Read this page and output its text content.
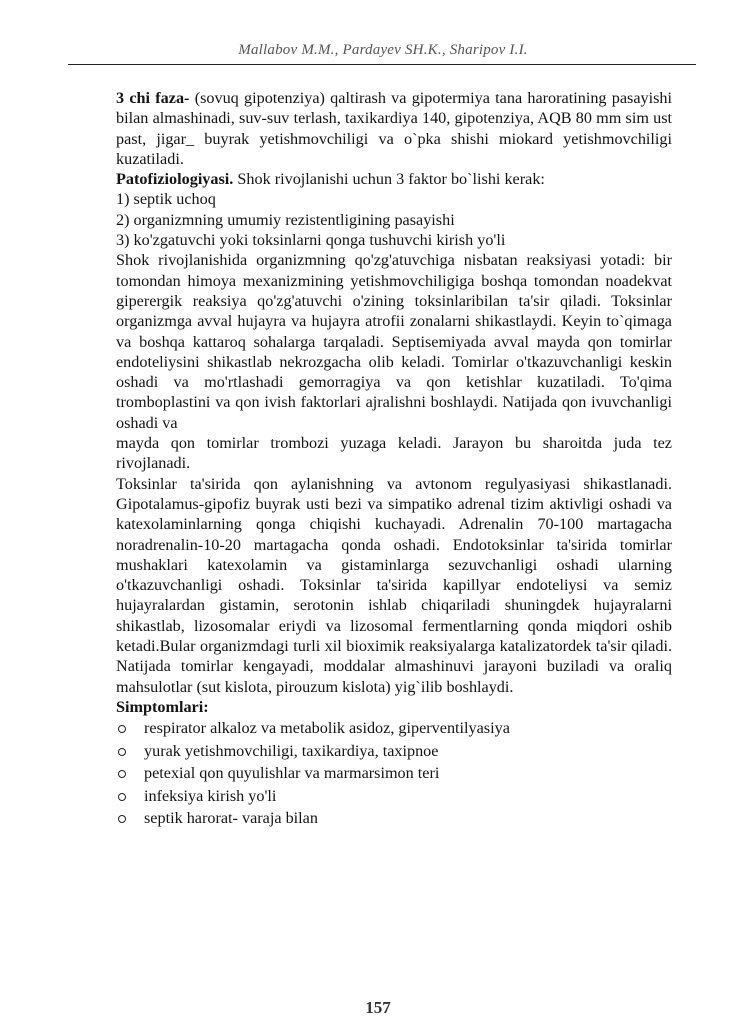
Mallabov M.M., Pardayev SH.K., Sharipov I.I.

3 chi faza- (sovuq gipotenziya) qaltirash va gipotermiya tana haroratining pasayishi bilan almashinadi, suv-suv terlash, taxikardiya 140, gipotenziya, AQB 80 mm sim ust past, jigar_ buyrak yetishmovchiligi va o`pka shishi miokard yetishmovchiligi kuzatiladi.

Patofiziologiyasi. Shok rivojlanishi uchun 3 faktor bo`lishi kerak:

1) septik uchoq

2) organizmning umumiy rezistentligining pasayishi

3) ko'zgatuvchi yoki toksinlarni qonga tushuvchi kirish yo'li

Shok rivojlanishida organizmning qo'zg'atuvchiga nisbatan reaksiyasi yotadi: bir tomondan himoya mexanizmining yetishmovchiligiga boshqa tomondan noadekvat giperergik reaksiya qo'zg'atuvchi o'zining toksinlaribilan ta'sir qiladi. Toksinlar organizmga avval hujayra va hujayra atrofii zonalarni shikastlaydi. Keyin to`qimaga va boshqa kattaroq sohalarga tarqaladi. Septisemiyada avval mayda qon tomirlar endoteliysini shikastlab nekrozgacha olib keladi. Tomirlar o'tkazuvchanligi keskin oshadi va mo'rtlashadi gemorragiya va qon ketishlar kuzatiladi. To'qima tromboplastini va qon ivish faktorlari ajralishni boshlaydi. Natijada qon ivuvchanligi oshadi va

mayda qon tomirlar trombozi yuzaga keladi. Jarayon bu sharoitda juda tez rivojlanadi.

Toksinlar ta'sirida qon aylanishning va avtonom regulyasiyasi shikastlanadi. Gipotalamus-gipofiz buyrak usti bezi va simpatiko adrenal tizim aktivligi oshadi va katexolaminlarning qonga chiqishi kuchayadi. Adrenalin 70-100 martagacha noradrenalin-10-20 martagacha qonda oshadi. Endotoksinlar ta'sirida tomirlar mushaklari katexolamin va gistaminlarga sezuvchanligi oshadi ularning o'tkazuvchanligi oshadi. Toksinlar ta'sirida kapillyar endoteliysi va semiz hujayralardan gistamin, serotonin ishlab chiqariladi shuningdek hujayralarni shikastlab, lizosomalar eriydi va lizosomal fermentlarning qonda miqdori oshib ketadi.Bular organizmdagi turli xil bioximik reaksiyalarga katalizatordek ta'sir qiladi. Natijada tomirlar kengayadi, moddalar almashinuvi jarayoni buziladi va oraliq mahsulotlar (sut kislota, pirouzum kislota) yig`ilib boshlaydi.

Simptomlari:

respirator alkaloz va metabolik asidoz, giperventilyasiya
yurak yetishmovchiligi, taxikardiya, taxipnoe
petexial qon quyulishlar va marmarsimon teri
infeksiya kirish yo'li
septik harorat- varaja bilan
157
